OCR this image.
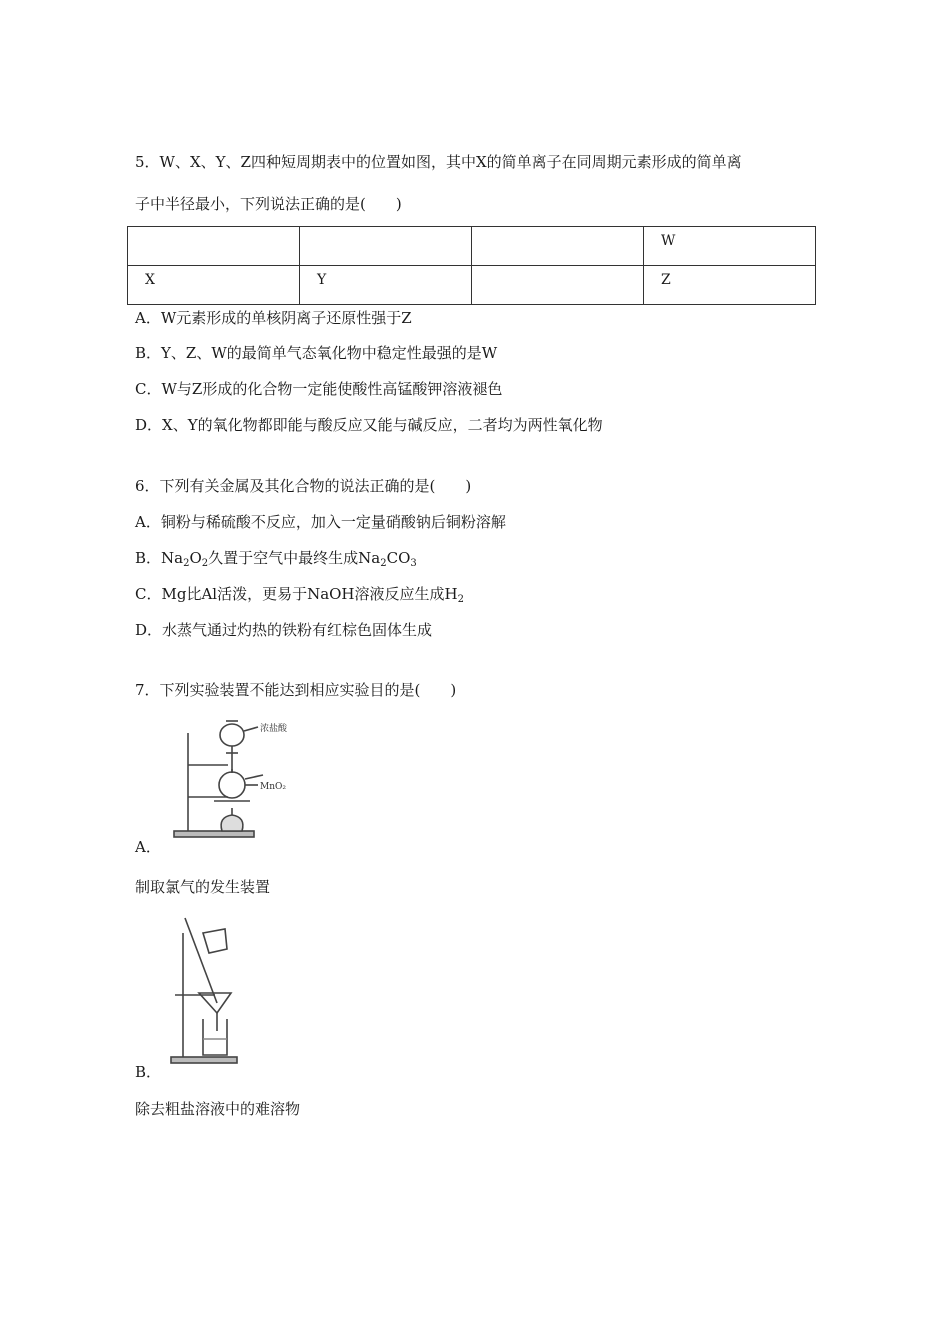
5．W、X、Y、Z四种短周期表中的位置如图，其中X的简单离子在同周期元素形成的简单离
子中半径最小，下列说法正确的是(　　)
			W
X	Y		Z
A．W元素形成的单核阴离子还原性强于Z
B．Y、Z、W的最简单气态氧化物中稳定性最强的是W
C．W与Z形成的化合物一定能使酸性高锰酸钾溶液褪色
D．X、Y的氧化物都即能与酸反应又能与碱反应，二者均为两性氧化物
6．下列有关金属及其化合物的说法正确的是(　　)
A．铜粉与稀硫酸不反应，加入一定量硝酸钠后铜粉溶解
B．$Na_2O_2$久置于空气中最终生成$Na_2CO_3$
C．Mg比Al活泼，更易于NaOH溶液反应生成$H_2$
D．水蒸气通过灼热的铁粉有红棕色固体生成
7．下列实验装置不能达到相应实验目的是(　　)
浓盐酸
MnO₂
A．
制取氯气的发生装置
B．
除去粗盐溶液中的难溶物
